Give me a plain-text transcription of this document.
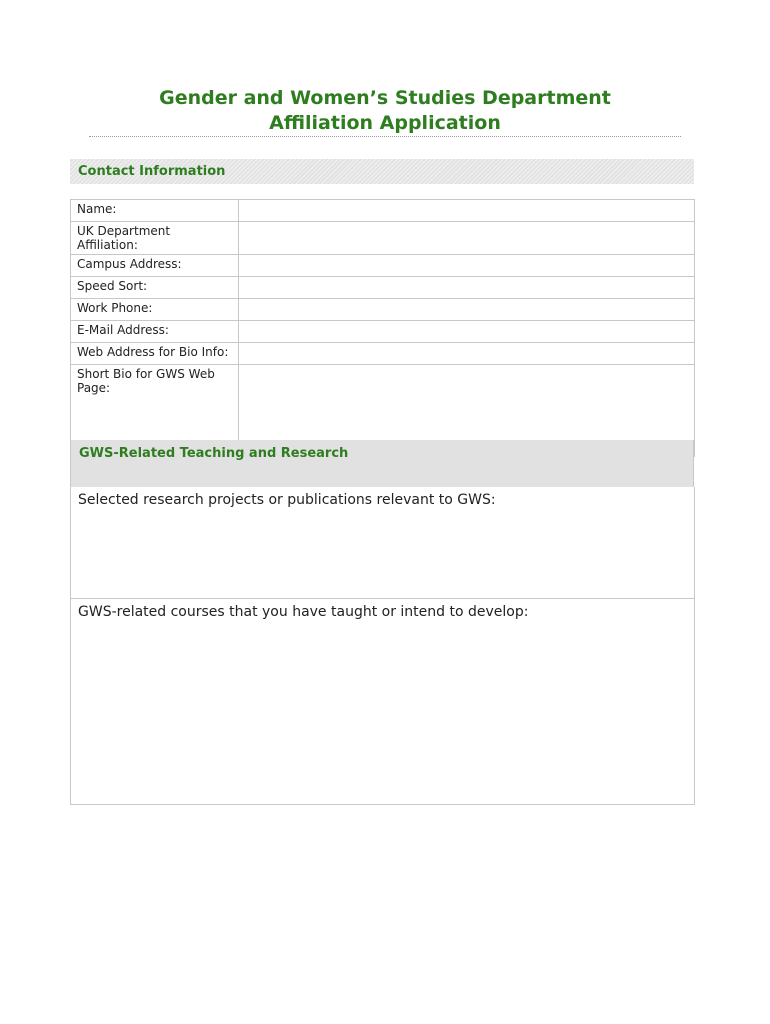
Gender and Women’s Studies Department
Affiliation Application
Contact Information
Name:	
UK Department Affiliation:	
Campus Address:	
Speed Sort:	
Work Phone:	
E-Mail Address:	
Web Address for Bio Info:	
Short Bio for GWS Web Page:	
GWS-Related Teaching and Research
Selected research projects or publications relevant to GWS:
GWS-related courses that you have taught or intend to develop:
